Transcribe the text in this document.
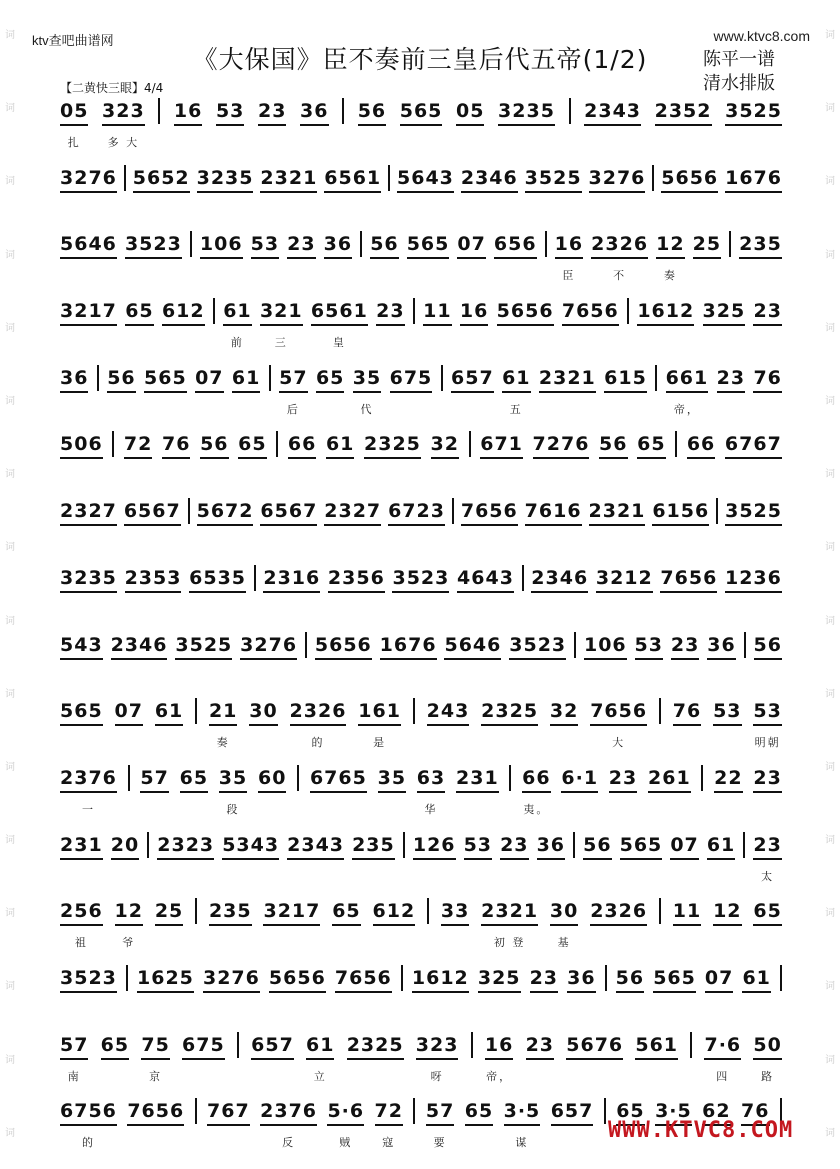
词
词
词
词
词
词
词
词
词
词
词
词
词
词
词
词
词
词
词
词
词
词
词
词
词
词
词
词
词
词
词
词
ktv查吧曲谱网	www.ktvc8.com
《大保国》臣不奏前三皇后代五帝(1/2)	陈平一谱
清水排版
【二黄快三眼】4/4
05
扎
323
多 大
16
53
23
36
56
565
05
3235
2343
2352
3525

3276
5652
3235
2321
6561
5643
2346
3525
3276
5656
1676

5646
3523
106
53
23
36
56
565
07
656
16
臣
2326
不
12
奏
25
235

3217
65
612
61
前
321
三
6561
皇
23
11
16
5656
7656
1612
325
23

36
56
565
07
61
57
后
65
35
代
675
657
61
五
2321
615
661
帝，
23
76

506
72
76
56
65
66
61
2325
32
671
7276
56
65
66
6767

2327
6567
5672
6567
2327
6723
7656
7616
2321
6156
3525

3235
2353
6535
2316
2356
3523
4643
2346
3212
7656
1236

543
2346
3525
3276
5656
1676
5646
3523
106
53
23
36
56

565
07
61
21
奏
30
2326
的
161
是
243
2325
32
7656
大
76
53
53
明朝
2376
一
57
65
35
段
60
6765
35
63
华
231
66
夷。
6·1
23
261
22
23

231
20
2323
5343
2343
235
126
53
23
36
56
565
07
61
23
太
256
祖
12
爷
25
235
3217
65
612
33
2321
初 登
30
基
2326
11
12
65

3523
1625
3276
5656
7656
1612
325
23
36
56
565
07
61

57
南
65
75
京
675
657
61
立
2325
323
呀
16
帝，
23
5676
561
7·6
四
50
路
6756
的
7656
767
2376
反
5·6
贼
72
寇
57
要
65
3·5
谋
657
65
3·5
62
76

WWW.KTVC8.COM
